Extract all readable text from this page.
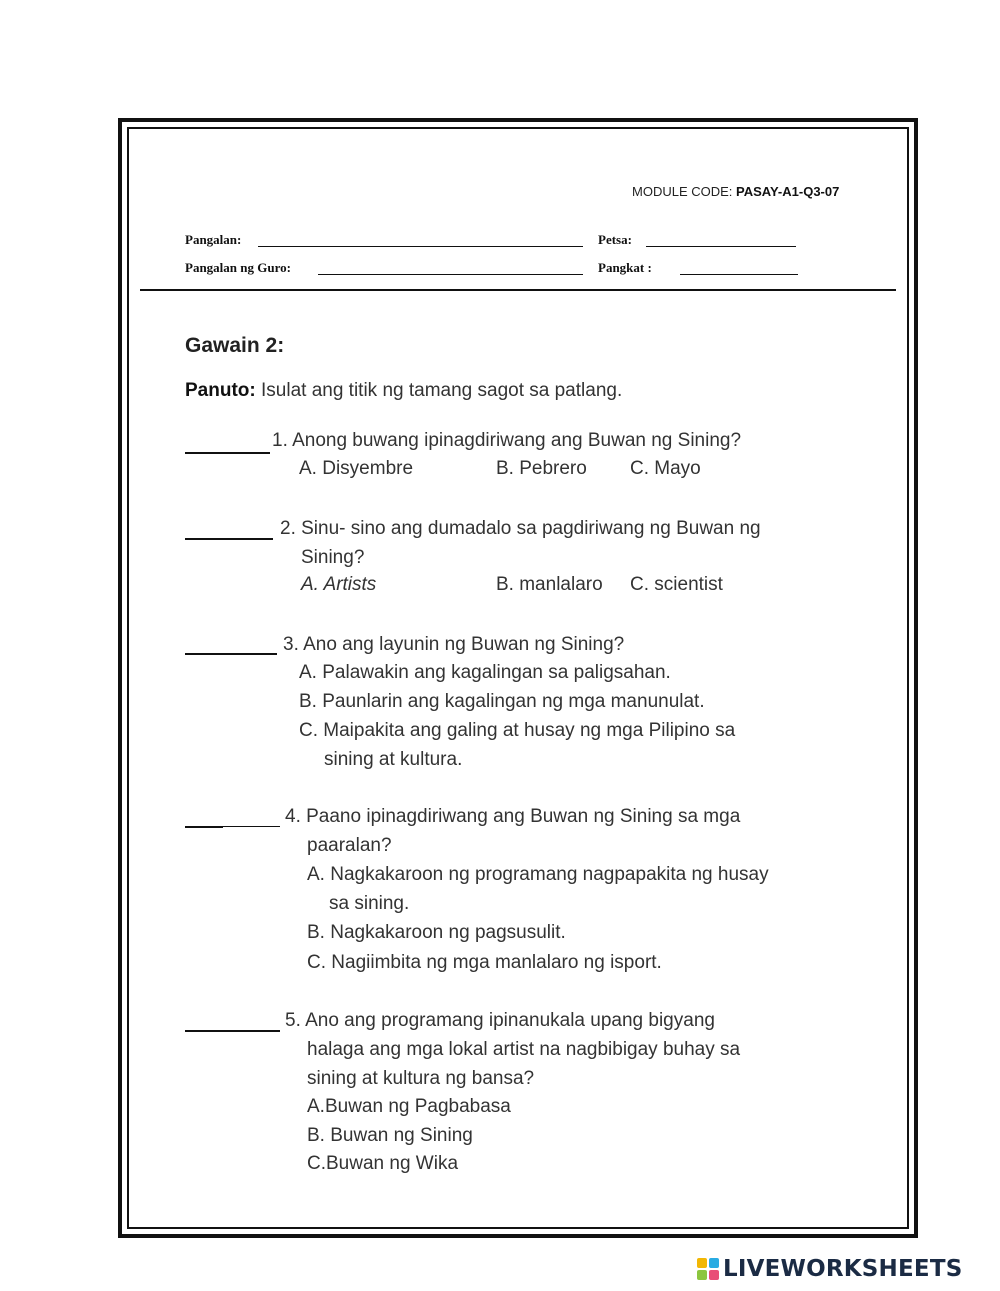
MODULE CODE: PASAY-A1-Q3-07
Pangalan:	Petsa:
Pangalan ng Guro:	Pangkat :
Gawain 2:
Panuto: Isulat ang titik ng tamang sagot sa patlang.
1. Anong buwang ipinagdiriwang ang Buwan ng Sining?
A. Disyembre	B. Pebrero C. Mayo
2. Sinu- sino ang dumadalo sa pagdiriwang ng Buwan ng
Sining?
A. Artists	B. manlalaro C. scientist
3. Ano ang layunin ng Buwan ng Sining?
A. Palawakin ang kagalingan sa paligsahan.
B. Paunlarin ang kagalingan ng mga manunulat.
C. Maipakita ang galing at husay ng mga Pilipino sa
sining at kultura.
4. Paano ipinagdiriwang ang Buwan ng Sining sa mga
paaralan?
A. Nagkakaroon ng programang nagpapakita ng husay
sa sining.
B. Nagkakaroon ng pagsusulit.
C. Nagiimbita ng mga manlalaro ng isport.
5. Ano ang programang ipinanukala upang bigyang
halaga ang mga lokal artist na nagbibigay buhay sa
sining at kultura ng bansa?
A.Buwan ng Pagbabasa
B. Buwan ng Sining
C.Buwan ng Wika
LIVEWORKSHEETS
